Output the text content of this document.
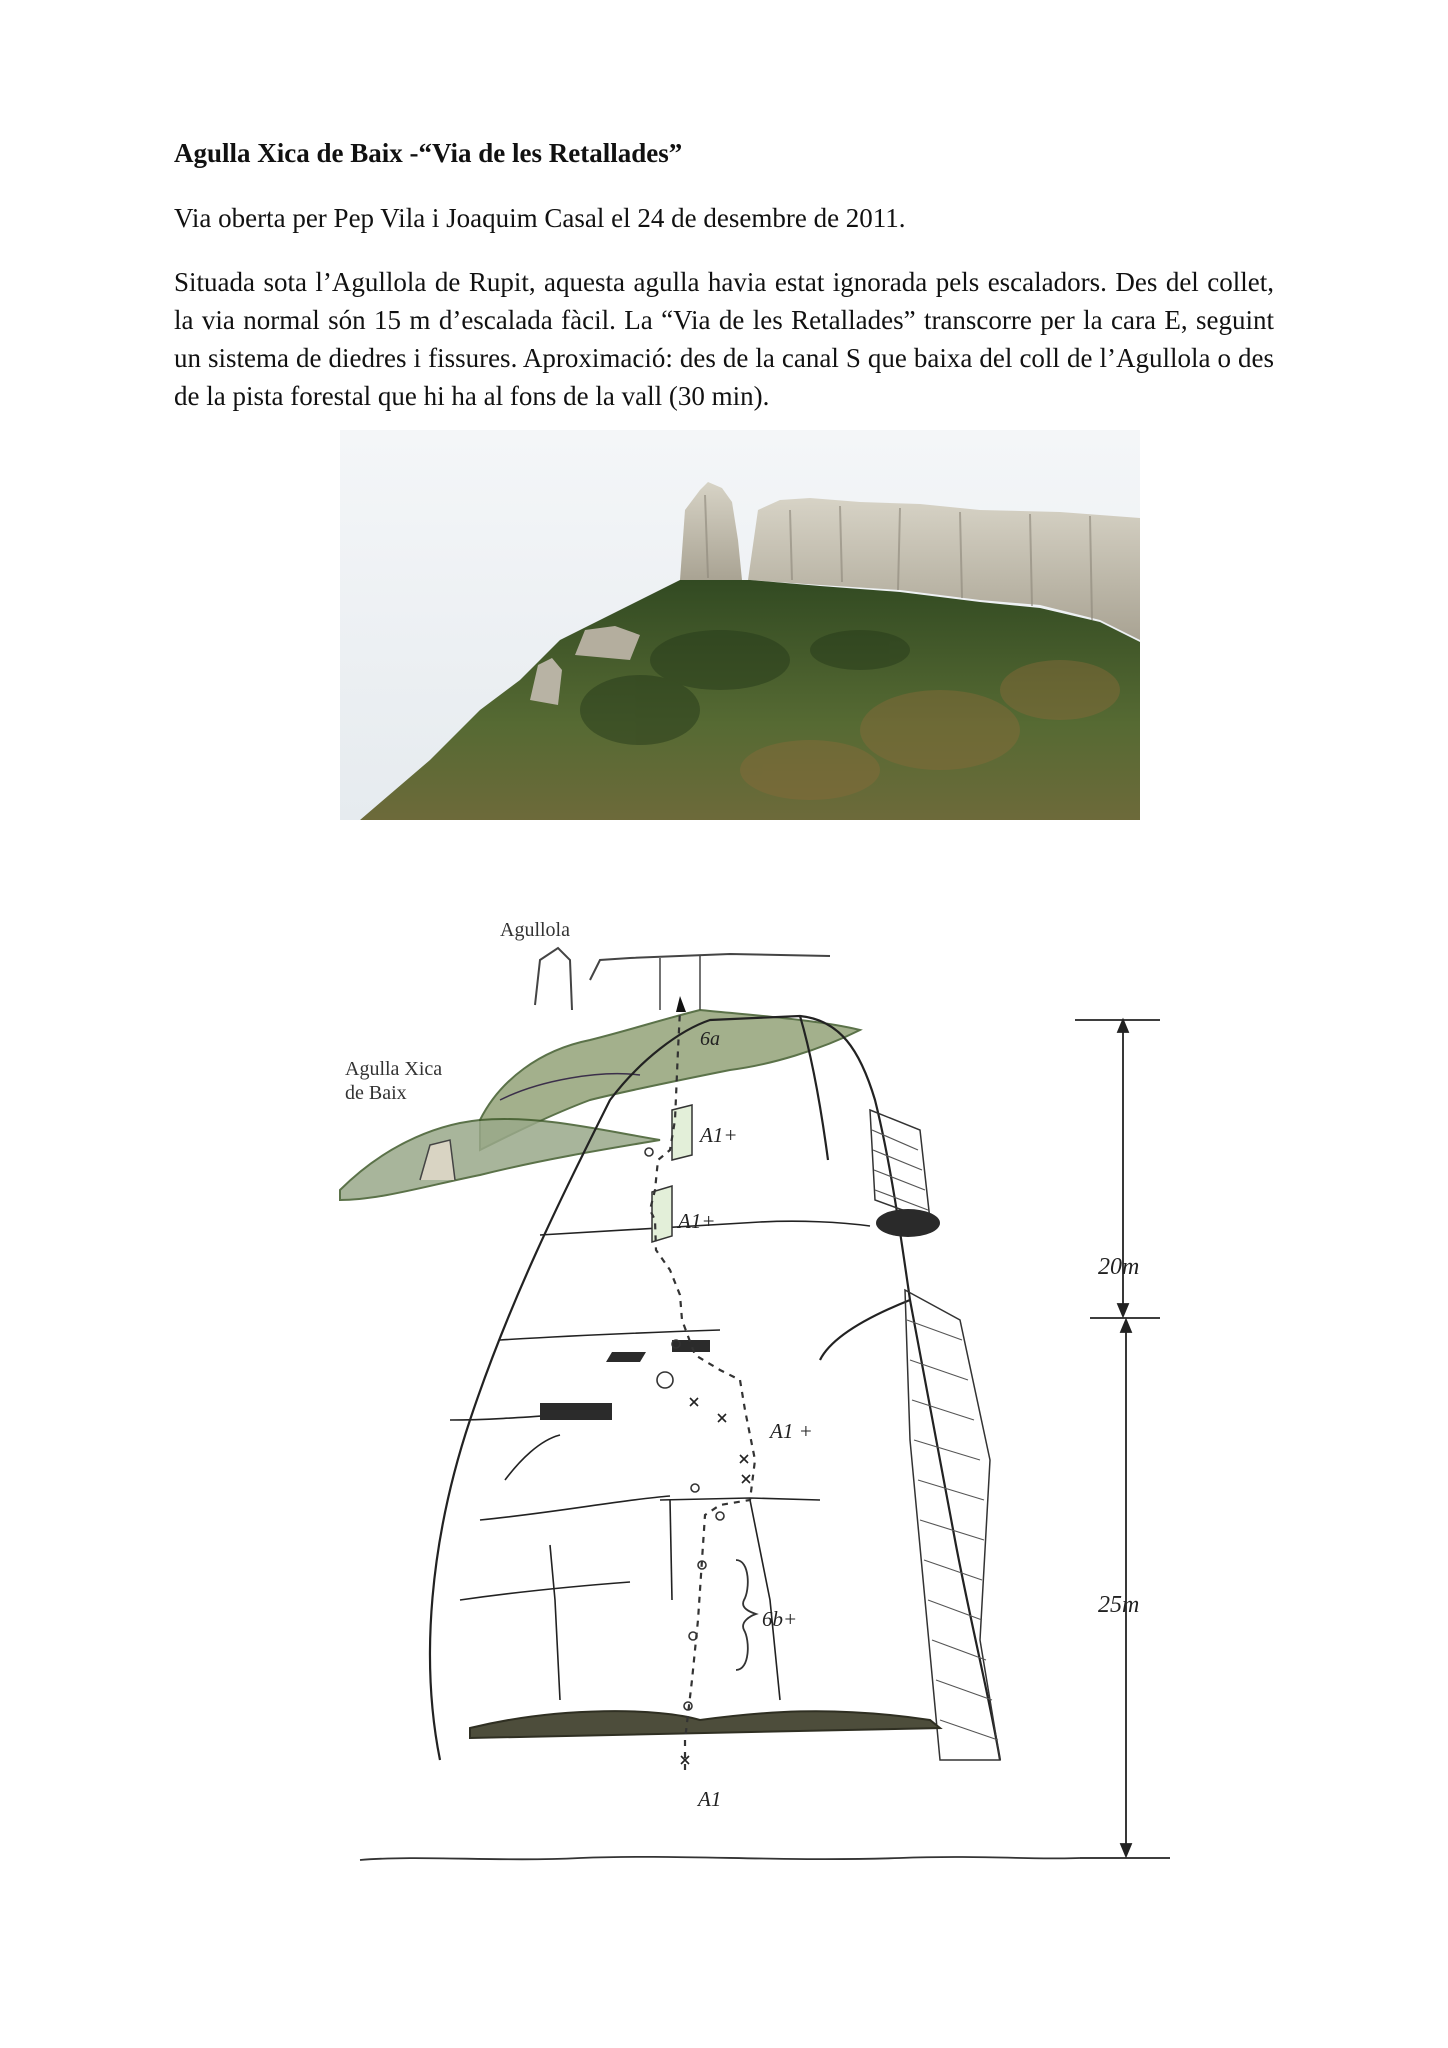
Agulla Xica de Baix -“Via de les Retallades”

Via oberta per Pep Vila i Joaquim Casal el 24 de desembre de 2011.

Situada sota l’Agullola de Rupit, aquesta agulla havia estat ignorada pels escaladors. Des del collet, la via normal són 15 m d’escalada fàcil. La “Via de les Retallades” transcorre per la cara E, seguint un sistema de diedres i fissures. Aproximació: des de la canal S que baixa del coll de l’Agullola o des de la pista forestal que hi ha al fons de la vall (30 min).

Agullola
Agulla Xica
de Baix
6a
A1+
A1+
A1 +
6b+
A1
20m
25m
